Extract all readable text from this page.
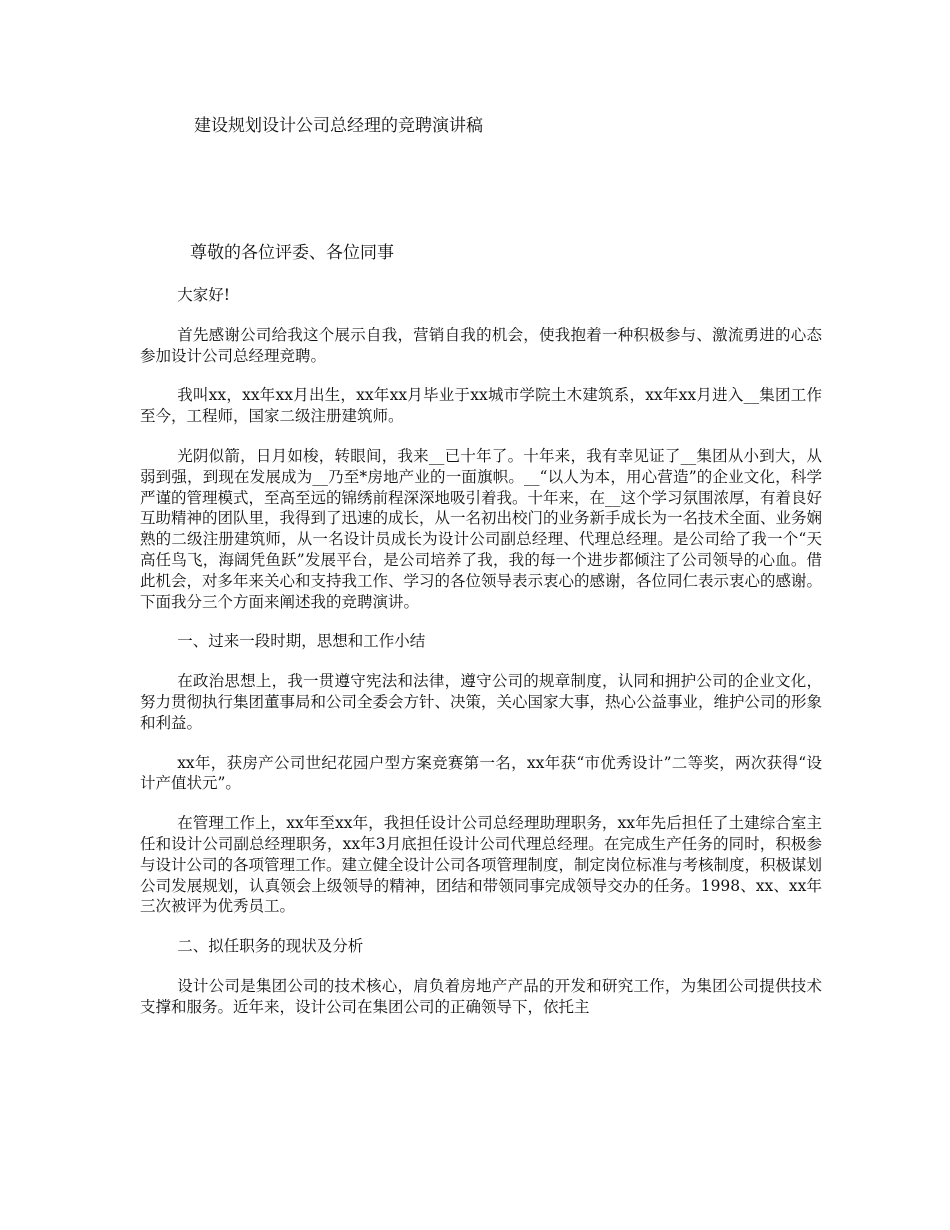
建设规划设计公司总经理的竞聘演讲稿
尊敬的各位评委、各位同事

大家好!

首先感谢公司给我这个展示自我，营销自我的机会，使我抱着一种积极参与、激流勇进的心态参加设计公司总经理竞聘。

我叫xx，xx年xx月出生，xx年xx月毕业于xx城市学院土木建筑系，xx年xx月进入__集团工作至今，工程师，国家二级注册建筑师。

光阴似箭，日月如梭，转眼间，我来__已十年了。十年来，我有幸见证了__集团从小到大，从弱到强，到现在发展成为__乃至*房地产业的一面旗帜。__“以人为本，用心营造”的企业文化，科学严谨的管理模式，至高至远的锦绣前程深深地吸引着我。十年来，在__这个学习氛围浓厚，有着良好互助精神的团队里，我得到了迅速的成长，从一名初出校门的业务新手成长为一名技术全面、业务娴熟的二级注册建筑师，从一名设计员成长为设计公司副总经理、代理总经理。是公司给了我一个“天高任鸟飞，海阔凭鱼跃”发展平台，是公司培养了我，我的每一个进步都倾注了公司领导的心血。借此机会，对多年来关心和支持我工作、学习的各位领导表示衷心的感谢，各位同仁表示衷心的感谢。下面我分三个方面来阐述我的竞聘演讲。

一、过来一段时期，思想和工作小结

在政治思想上，我一贯遵守宪法和法律，遵守公司的规章制度，认同和拥护公司的企业文化，努力贯彻执行集团董事局和公司全委会方针、决策，关心国家大事，热心公益事业，维护公司的形象和利益。

xx年，获房产公司世纪花园户型方案竞赛第一名，xx年获“市优秀设计”二等奖，两次获得“设计产值状元”。

在管理工作上，xx年至xx年，我担任设计公司总经理助理职务，xx年先后担任了土建综合室主任和设计公司副总经理职务，xx年3月底担任设计公司代理总经理。在完成生产任务的同时，积极参与设计公司的各项管理工作。建立健全设计公司各项管理制度，制定岗位标准与考核制度，积极谋划公司发展规划，认真领会上级领导的精神，团结和带领同事完成领导交办的任务。1998、xx、xx年三次被评为优秀员工。

二、拟任职务的现状及分析

设计公司是集团公司的技术核心，肩负着房地产产品的开发和研究工作，为集团公司提供技术支撑和服务。近年来，设计公司在集团公司的正确领导下，依托主
